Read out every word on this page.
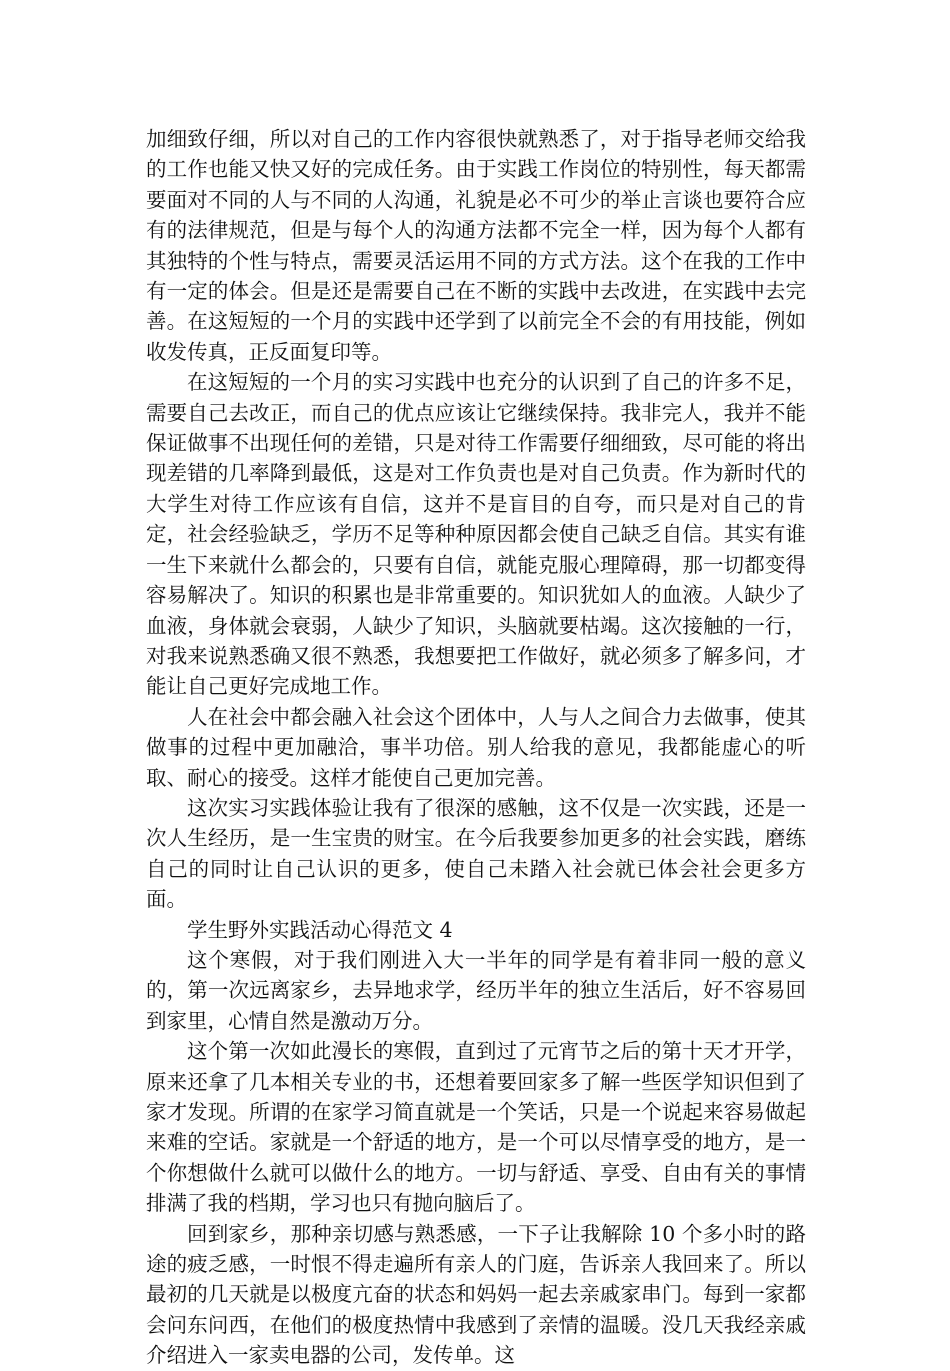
加细致仔细，所以对自己的工作内容很快就熟悉了，对于指导老师交给我的工作也能又快又好的完成任务。由于实践工作岗位的特别性，每天都需要面对不同的人与不同的人沟通，礼貌是必不可少的举止言谈也要符合应有的法律规范，但是与每个人的沟通方法都不完全一样，因为每个人都有其独特的个性与特点，需要灵活运用不同的方式方法。这个在我的工作中有一定的体会。但是还是需要自己在不断的实践中去改进，在实践中去完善。在这短短的一个月的实践中还学到了以前完全不会的有用技能，例如收发传真，正反面复印等。

在这短短的一个月的实习实践中也充分的认识到了自己的许多不足，需要自己去改正，而自己的优点应该让它继续保持。我非完人，我并不能保证做事不出现任何的差错，只是对待工作需要仔细细致，尽可能的将出现差错的几率降到最低，这是对工作负责也是对自己负责。作为新时代的大学生对待工作应该有自信，这并不是盲目的自夸，而只是对自己的肯定，社会经验缺乏，学历不足等种种原因都会使自己缺乏自信。其实有谁一生下来就什么都会的，只要有自信，就能克服心理障碍，那一切都变得容易解决了。知识的积累也是非常重要的。知识犹如人的血液。人缺少了血液，身体就会衰弱，人缺少了知识，头脑就要枯竭。这次接触的一行，对我来说熟悉确又很不熟悉，我想要把工作做好，就必须多了解多问，才能让自己更好完成地工作。

人在社会中都会融入社会这个团体中，人与人之间合力去做事，使其做事的过程中更加融洽，事半功倍。别人给我的意见，我都能虚心的听取、耐心的接受。这样才能使自己更加完善。

这次实习实践体验让我有了很深的感触，这不仅是一次实践，还是一次人生经历，是一生宝贵的财宝。在今后我要参加更多的社会实践，磨练自己的同时让自己认识的更多，使自己未踏入社会就已体会社会更多方面。

学生野外实践活动心得范文 4

这个寒假，对于我们刚进入大一半年的同学是有着非同一般的意义的，第一次远离家乡，去异地求学，经历半年的独立生活后，好不容易回到家里，心情自然是激动万分。

这个第一次如此漫长的寒假，直到过了元宵节之后的第十天才开学，原来还拿了几本相关专业的书，还想着要回家多了解一些医学知识但到了家才发现。所谓的在家学习简直就是一个笑话，只是一个说起来容易做起来难的空话。家就是一个舒适的地方，是一个可以尽情享受的地方，是一个你想做什么就可以做什么的地方。一切与舒适、享受、自由有关的事情排满了我的档期，学习也只有抛向脑后了。

回到家乡，那种亲切感与熟悉感，一下子让我解除 10 个多小时的路途的疲乏感，一时恨不得走遍所有亲人的门庭，告诉亲人我回来了。所以最初的几天就是以极度亢奋的状态和妈妈一起去亲戚家串门。每到一家都会问东问西，在他们的极度热情中我感到了亲情的温暖。没几天我经亲戚介绍进入一家卖电器的公司，发传单。这
